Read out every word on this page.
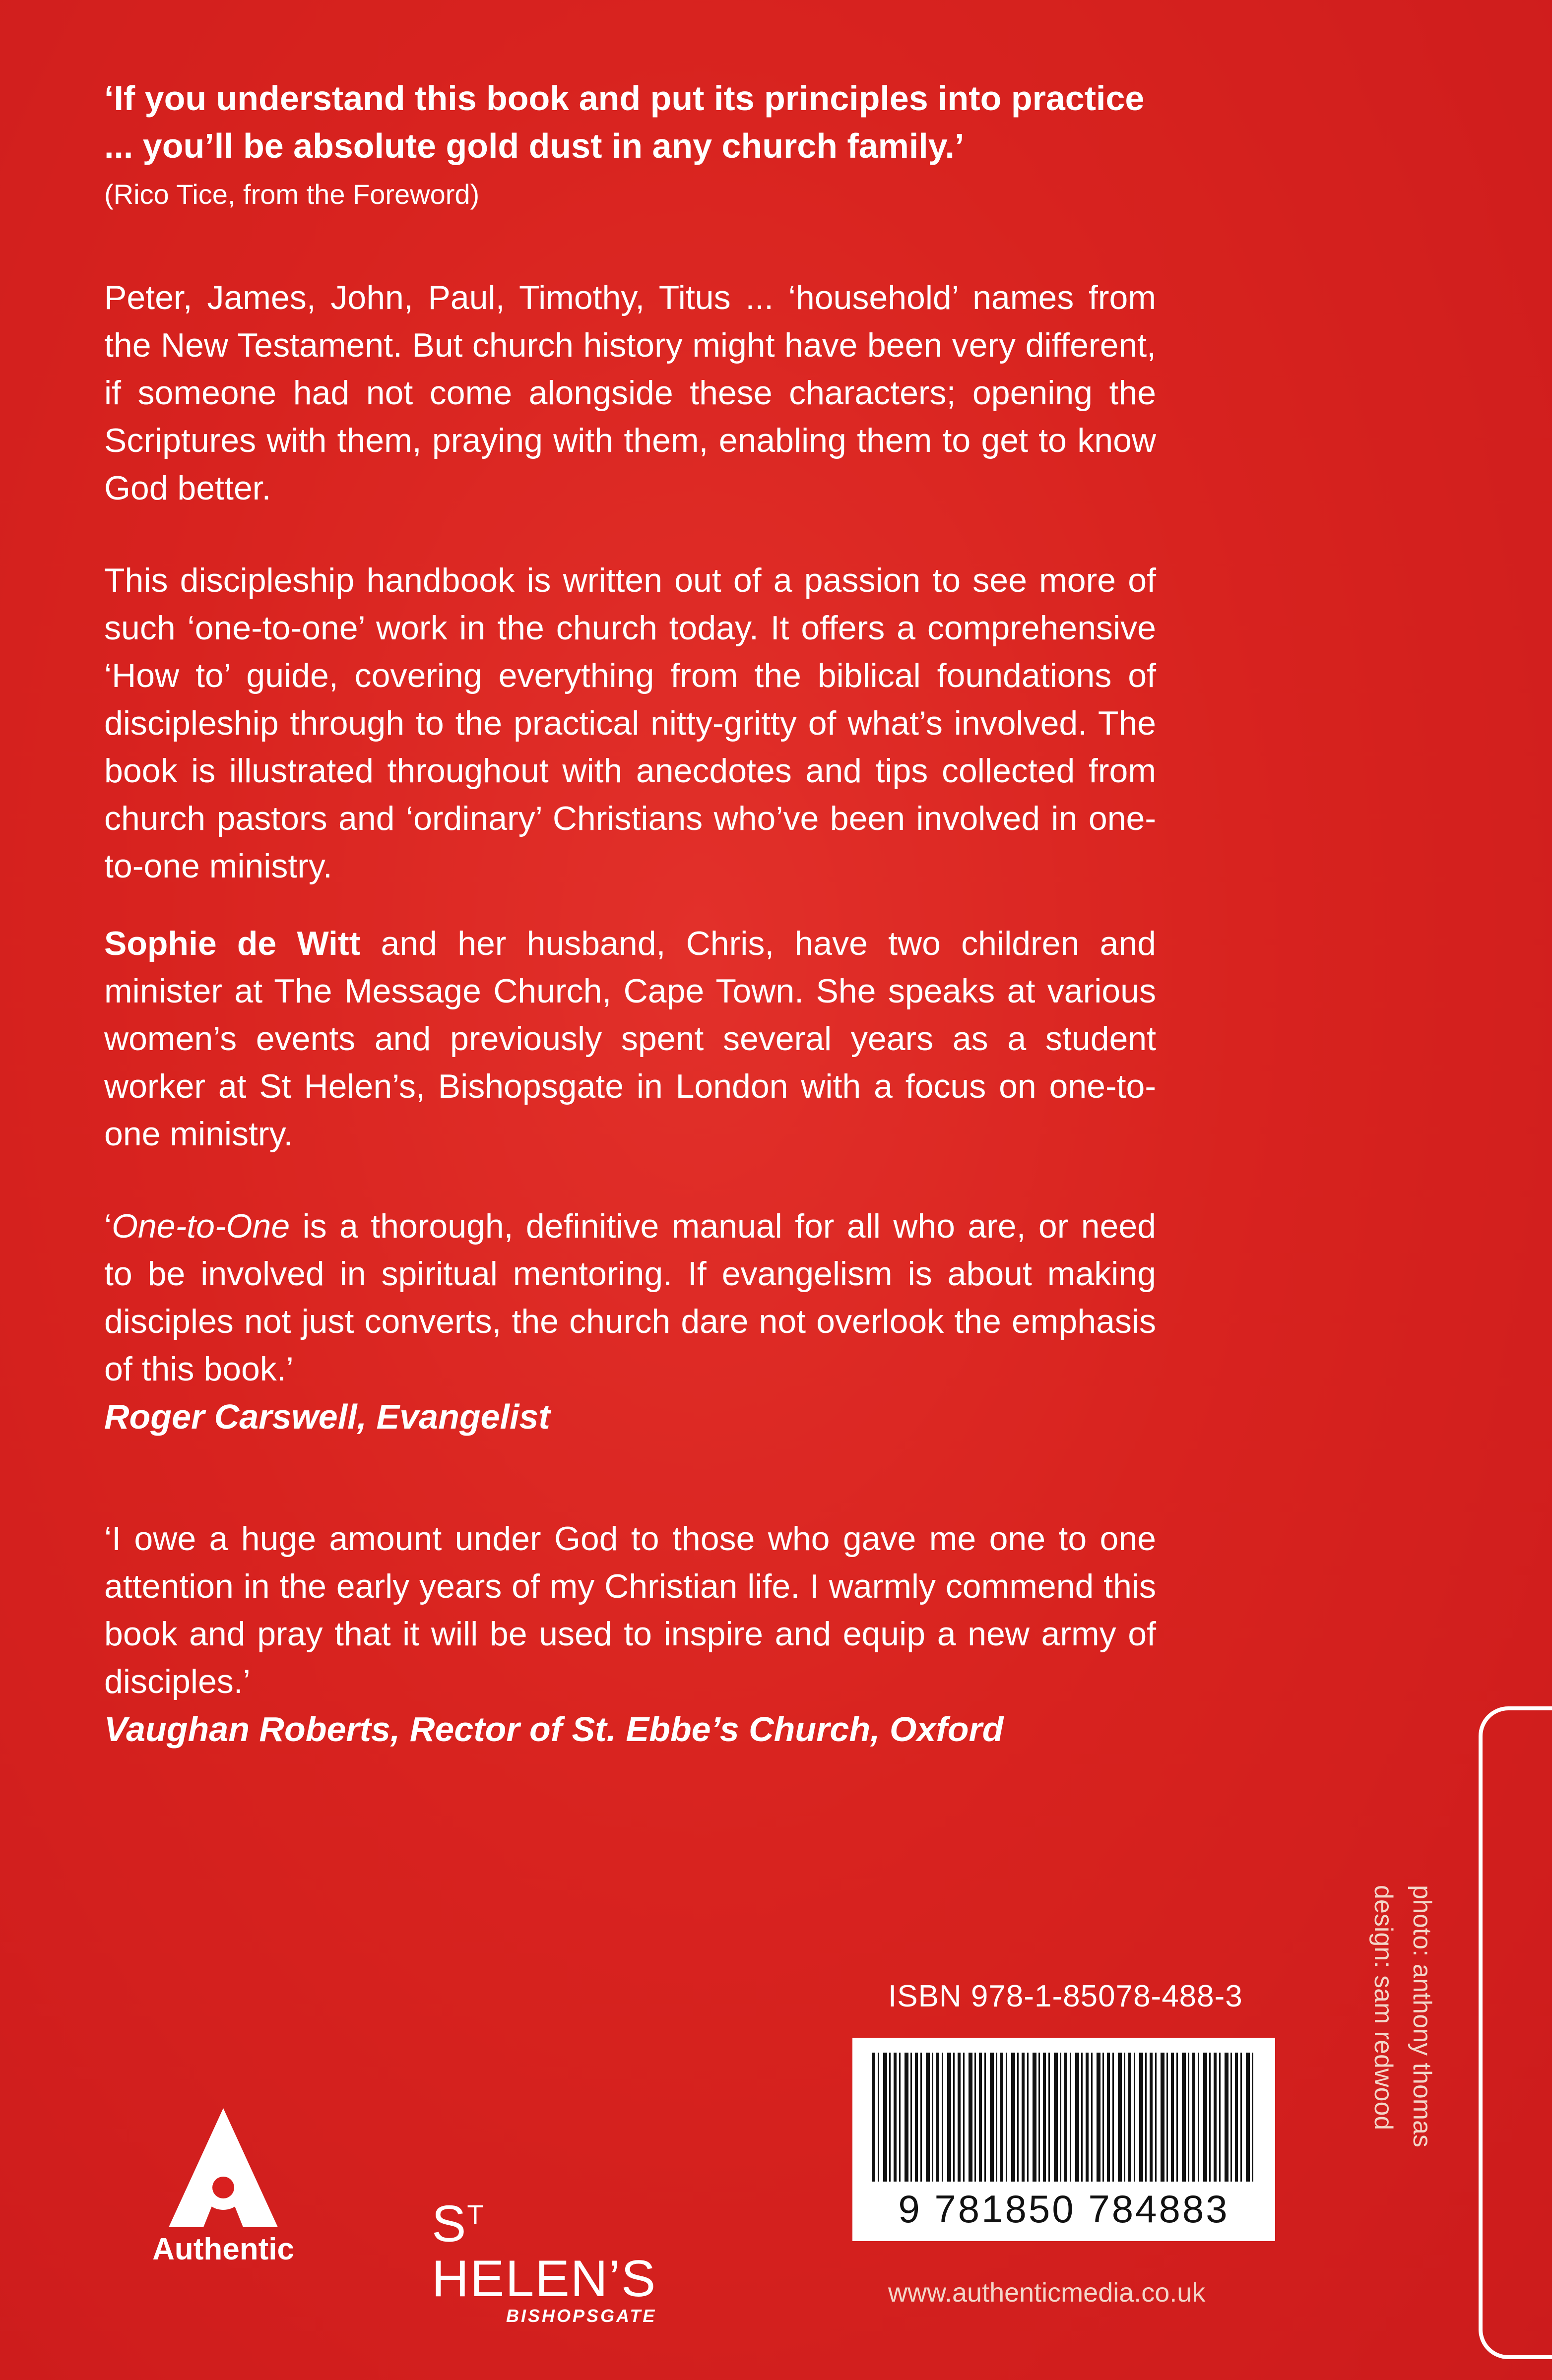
‘If you understand this book and put its principles into practice ... you’ll be absolute gold dust in any church family.’

(Rico Tice, from the Foreword)

Peter, James, John, Paul, Timothy, Titus ... ‘household’ names from the New Testament. But church history might have been very different, if someone had not come alongside these characters; opening the Scriptures with them, praying with them, enabling them to get to know God better.

This discipleship handbook is written out of a passion to see more of such ‘one-to-one’ work in the church today. It offers a comprehensive ‘How to’ guide, covering everything from the biblical foundations of discipleship through to the practical nitty-gritty of what’s involved. The book is illustrated throughout with anecdotes and tips collected from church pastors and ‘ordinary’ Christians who’ve been involved in one-to-one ministry.

Sophie de Witt and her husband, Chris, have two children and minister at The Message Church, Cape Town. She speaks at various women’s events and previously spent several years as a student worker at St Helen’s, Bishopsgate in London with a focus on one-to-one ministry.

‘One-to-One is a thorough, definitive manual for all who are, or need to be involved in spiritual mentoring. If evangelism is about making disciples not just converts, the church dare not overlook the emphasis of this book.’

Roger Carswell, Evangelist

‘I owe a huge amount under God to those who gave me one to one attention in the early years of my Christian life. I warmly commend this book and pray that it will be used to inspire and equip a new army of disciples.’

Vaughan Roberts, Rector of St. Ebbe’s Church, Oxford

photo: anthony thomas
design: sam redwood
ISBN 978-1-85078-488-3
9 781850 784883
www.authenticmedia.co.uk
Authentic	$S^T$ HELEN’S
BISHOPSGATE
